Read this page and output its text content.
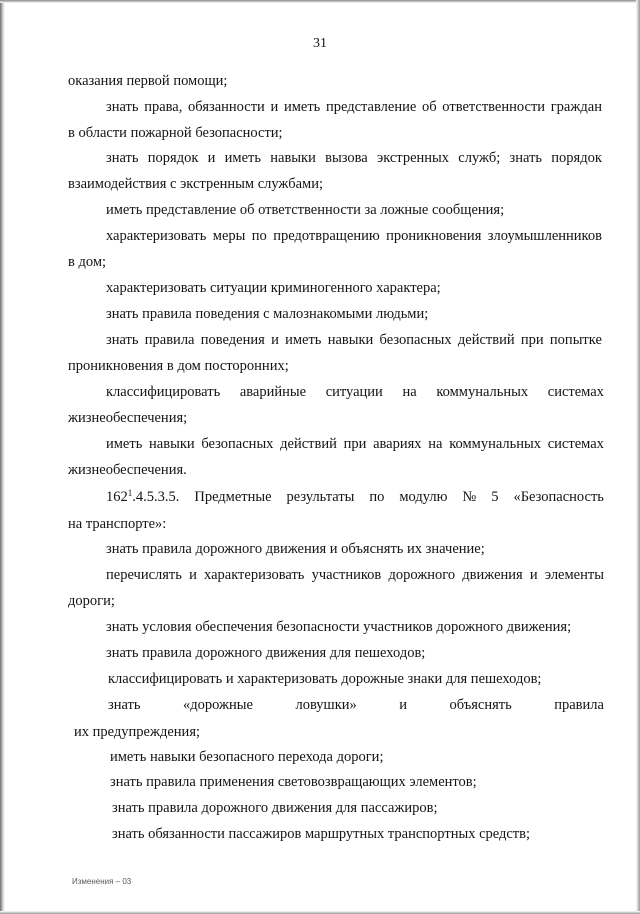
31
оказания первой помощи;
знать права, обязанности и иметь представление об ответственности граждан
в области пожарной безопасности;
знать порядок и иметь навыки вызова экстренных служб; знать порядок
взаимодействия с экстренным службами;
иметь представление об ответственности за ложные сообщения;
характеризовать меры по предотвращению проникновения злоумышленников
в дом;
характеризовать ситуации криминогенного характера;
знать правила поведения с малознакомыми людьми;
знать правила поведения и иметь навыки безопасных действий при попытке
проникновения в дом посторонних;
классифицировать аварийные ситуации на коммунальных системах
жизнеобеспечения;
иметь навыки безопасных действий при авариях на коммунальных системах
жизнеобеспечения.
$162^1.4.5.3.5$. Предметные результаты по модулю № 5 «Безопасность
на транспорте»:
знать правила дорожного движения и объяснять их значение;
перечислять и характеризовать участников дорожного движения и элементы
дороги;
знать условия обеспечения безопасности участников дорожного движения;
знать правила дорожного движения для пешеходов;
классифицировать и характеризовать дорожные знаки для пешеходов;
знать	«дорожные	ловушки»	и	объяснять	правила
их предупреждения;
иметь навыки безопасного перехода дороги;
знать правила применения световозвращающих элементов;
знать правила дорожного движения для пассажиров;
знать обязанности пассажиров маршрутных транспортных средств;
Изменения – 03
